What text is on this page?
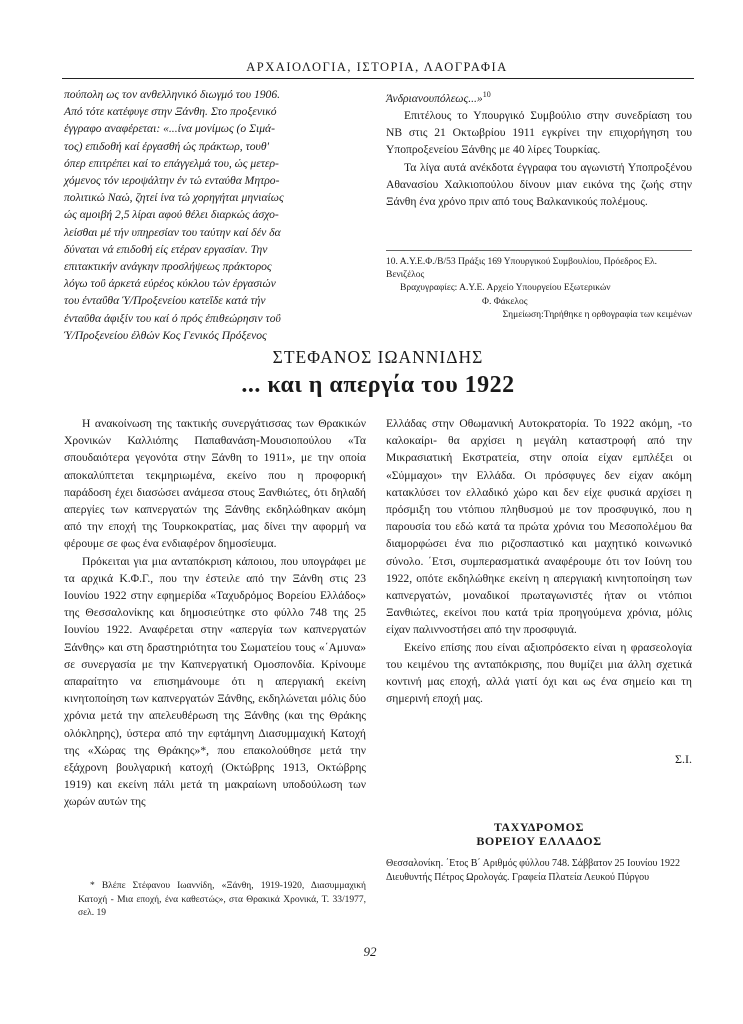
ΑΡΧΑΙΟΛΟΓΙΑ, ΙΣΤΟΡΙΑ, ΛΑΟΓΡΑΦΙΑ
πούπολη ως τον ανθελληνικό διωγμό του 1906.
Από τότε κατέφυγε στην Ξάνθη. Στο προξενικό
έγγραφο αναφέρεται: «...ίνα μονίμως (ο Σιμά-
τος) επιδοθή καί έργασθή ώς πράκτωρ, τουθ'
όπερ επιτρέπει καί το επάγγελμά του, ώς μετερ-
χόμενος τόν ιεροψάλτην έν τώ ενταύθα Μητρο-
πολιτικώ Ναώ, ζητεί ίνα τώ χορηγήται μηνιαίως
ώς αμοιβή 2,5 λίραι αφού θέλει διαρκώς άσχο-
λείσθαι μέ τήν υπηρεσίαν του ταύτην καί δέν δα
δύναται νά επιδοθή είς ετέραν εργασίαν. Την
επιτακτικήν ανάγκην προσλήψεως πράκτορος
λόγω τοΰ άρκετά εύρέος κύκλου τών έργασιών
του ένταΰθα Ύ/Προξενείου κατεΐδε κατά τήν
ένταΰθα άφιξίν του καί ό πρός έπιθεώρησιν τοΰ
Ύ/Προξενείου έλθών Κος Γενικός Πρόξενος

Άνδριανουπόλεως...»$^{10}$

Επιτέλους το Υπουργικό Συμβούλιο στην συνεδρίαση του ΝΒ στις 21 Οκτωβρίου 1911 εγκρίνει την επιχορήγηση του Υποπροξενείου Ξάνθης με 40 λίρες Τουρκίας.

Τα λίγα αυτά ανέκδοτα έγγραφα του αγωνιστή Υποπροξένου Αθανασίου Χαλκιοπούλου δίνουν μιαν εικόνα της ζωής στην Ξάνθη ένα χρόνο πριν από τους Βαλκανικούς πολέμους.

10. Α.Υ.Ε.Φ./Β/53 Πράξις 169 Υπουργικού Συμβουλίου, Πρόεδρος Ελ. Βενιζέλος
Βραχυγραφίες: Α.Υ.Ε. Αρχείο Υπουργείου Εξωτερικών
Φ. Φάκελος
Σημείωση:Τηρήθηκε η ορθογραφία των κειμένων
ΣΤΕΦΑΝΟΣ ΙΩΑΝΝΙΔΗΣ
... και η απεργία του 1922

Η ανακοίνωση της τακτικής συνεργάτισσας των Θρακικών Χρονικών Καλλιόπης Παπαθανάση-Μουσιοπούλου «Τα σπουδαιότερα γεγονότα στην Ξάνθη το 1911», με την οποία αποκαλύπτεται τεκμηριωμένα, εκείνο που η προφορική παράδοση έχει διασώσει ανάμεσα στους Ξανθιώτες, ότι δηλαδή απεργίες των καπνεργατών της Ξάνθης εκδηλώθηκαν ακόμη από την εποχή της Τουρκοκρατίας, μας δίνει την αφορμή να φέρουμε σε φως ένα ενδιαφέρον δημοσίευμα.

Πρόκειται για μια ανταπόκριση κάποιου, που υπογράφει με τα αρχικά Κ.Φ.Γ., που την έστειλε από την Ξάνθη στις 23 Ιουνίου 1922 στην εφημερίδα «Ταχυδρόμος Βορείου Ελλάδος» της Θεσσαλονίκης και δημοσιεύτηκε στο φύλλο 748 της 25 Ιουνίου 1922. Αναφέρεται στην «απεργία των καπνεργατών Ξάνθης» και στη δραστηριότητα του Σωματείου τους «΄Αμυνα» σε συνεργασία με την Καπνεργατική Ομοσπονδία. Κρίνουμε απαραίτητο να επισημάνουμε ότι η απεργιακή εκείνη κινητοποίηση των καπνεργατών Ξάνθης, εκδηλώνεται μόλις δύο χρόνια μετά την απελευθέρωση της Ξάνθης (και της Θράκης ολόκληρης), ύστερα από την εφτάμηνη Διασυμμαχική Κατοχή της «Χώρας της Θράκης»*, που επακολούθησε μετά την εξάχρονη βουλγαρική κατοχή (Οκτώβρης 1913, Οκτώβρης 1919) και εκείνη πάλι μετά τη μακραίωνη υποδούλωση των χωρών αυτών της

Ελλάδας στην Οθωμανική Αυτοκρατορία. Το 1922 ακόμη, -το καλοκαίρι- θα αρχίσει η μεγάλη καταστροφή από την Μικρασιατική Εκστρατεία, στην οποία είχαν εμπλέξει οι «Σύμμαχοι» την Ελλάδα. Οι πρόσφυγες δεν είχαν ακόμη κατακλύσει τον ελλαδικό χώρο και δεν είχε φυσικά αρχίσει η πρόσμιξη του ντόπιου πληθυσμού με τον προσφυγικό, που η παρουσία του εδώ κατά τα πρώτα χρόνια του Μεσοπολέμου θα διαμορφώσει ένα πιο ριζοσπαστικό και μαχητικό κοινωνικό σύνολο. ΄Ετσι, συμπερασματικά αναφέρουμε ότι τον Ιούνη του 1922, οπότε εκδηλώθηκε εκείνη η απεργιακή κινητοποίηση των καπνεργατών, μοναδικοί πρωταγωνιστές ήταν οι ντόπιοι Ξανθιώτες, εκείνοι που κατά τρία προηγούμενα χρόνια, μόλις είχαν παλιννοστήσει από την προσφυγιά.

Εκείνο επίσης που είναι αξιοπρόσεκτο είναι η φρασεολογία του κειμένου της ανταπόκρισης, που θυμίζει μια άλλη σχετικά κοντινή μας εποχή, αλλά γιατί όχι και ως ένα σημείο και τη σημερινή εποχή μας.

Σ.Ι.
* Βλέπε Στέφανου Ιωαννίδη, «Ξάνθη, 1919-1920, Διασυμμαχική Κατοχή - Μια εποχή, ένα καθεστώς», στα Θρακικά Χρονικά, Τ. 33/1977, σελ. 19
ΤΑΧΥΔΡΟΜΟΣ
ΒΟΡΕΙΟΥ ΕΛΛΑΔΟΣ
Θεσσαλονίκη. ΄Ετος Β΄ Αριθμός φύλλου 748. Σάββατον 25 Ιουνίου 1922
Διευθυντής Πέτρος Ωρολογάς. Γραφεία Πλατεία Λευκού Πύργου
92
